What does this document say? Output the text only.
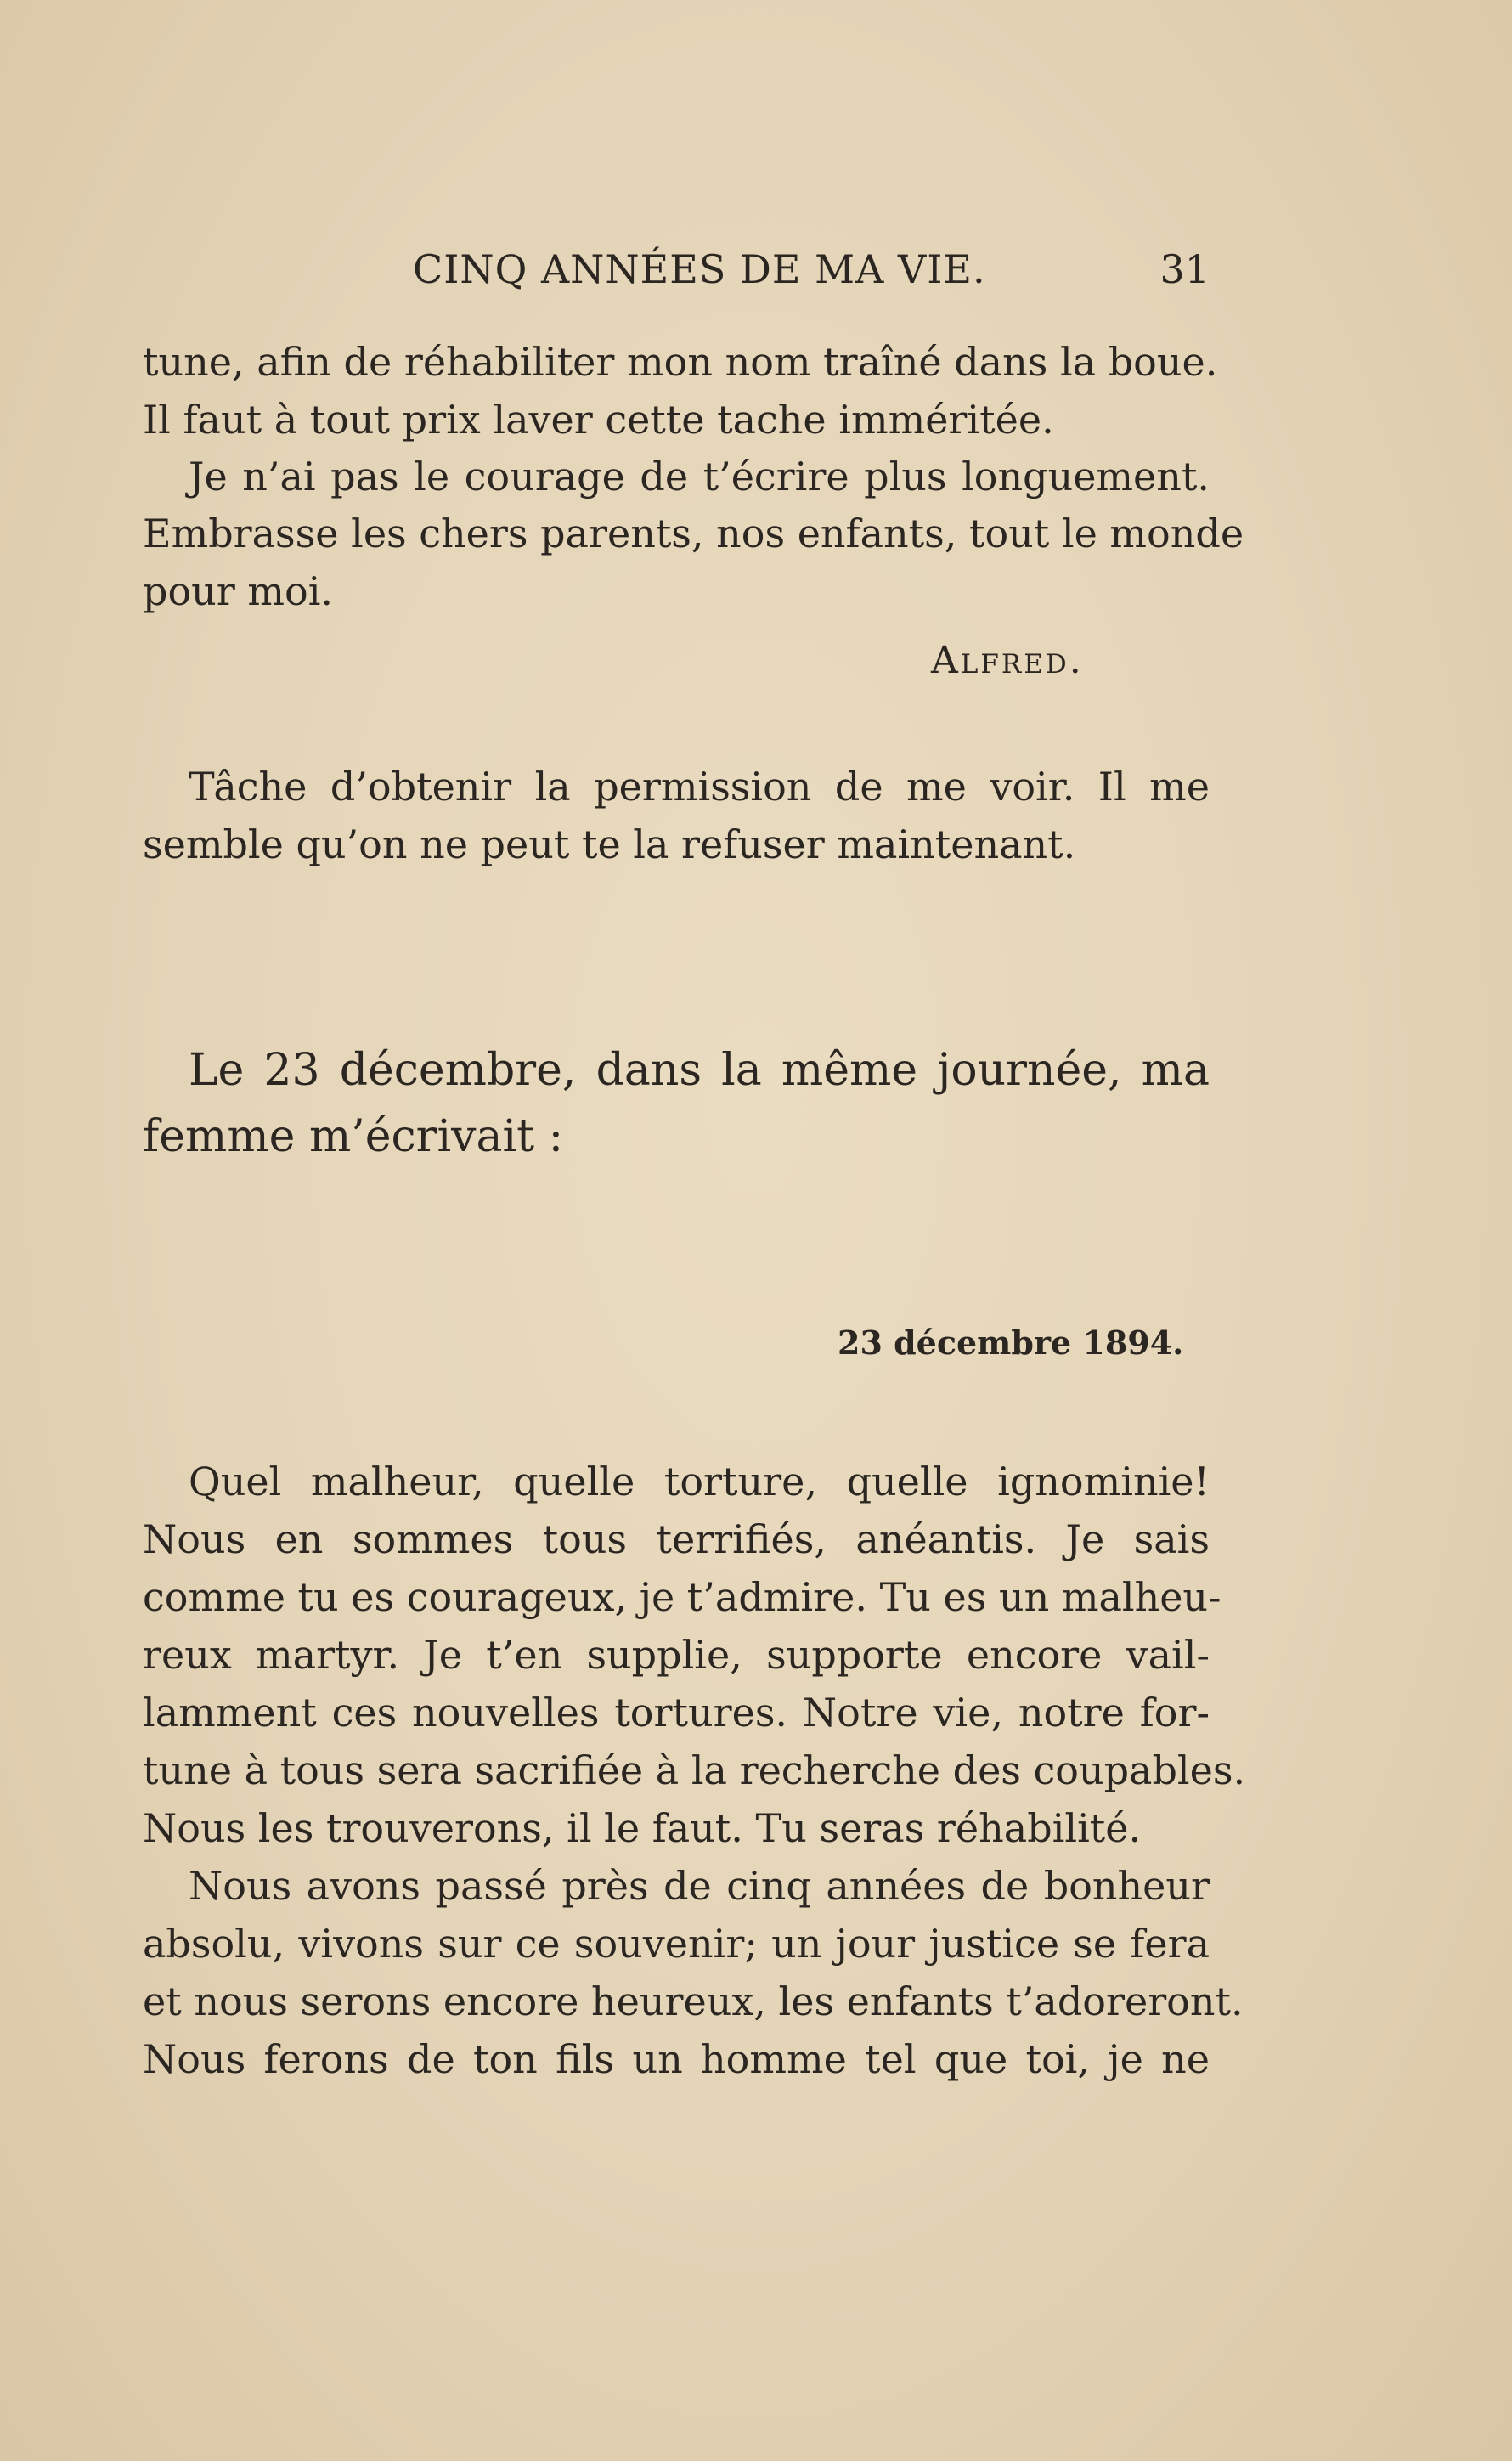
CINQ ANNÉES DE MA VIE.	31
tune, afin de réhabiliter mon nom traîné dans la boue.
Il faut à tout prix laver cette tache imméritée.
Je n’ai pas le courage de t’écrire plus longuement.
Embrasse les chers parents, nos enfants, tout le monde
pour moi.
Alfred.
Tâche d’obtenir la permission de me voir. Il me
semble qu’on ne peut te la refuser maintenant.
Le 23 décembre, dans la même journée, ma
femme m’écrivait :
23 décembre 1894.
Quel malheur, quelle torture, quelle ignominie!
Nous en sommes tous terrifiés, anéantis. Je sais
comme tu es courageux, je t’admire. Tu es un malheu-
reux martyr. Je t’en supplie, supporte encore vail-
lamment ces nouvelles tortures. Notre vie, notre for-
tune à tous sera sacrifiée à la recherche des coupables.
Nous les trouverons, il le faut. Tu seras réhabilité.
Nous avons passé près de cinq années de bonheur
absolu, vivons sur ce souvenir; un jour justice se fera
et nous serons encore heureux, les enfants t’adoreront.
Nous ferons de ton fils un homme tel que toi, je ne
